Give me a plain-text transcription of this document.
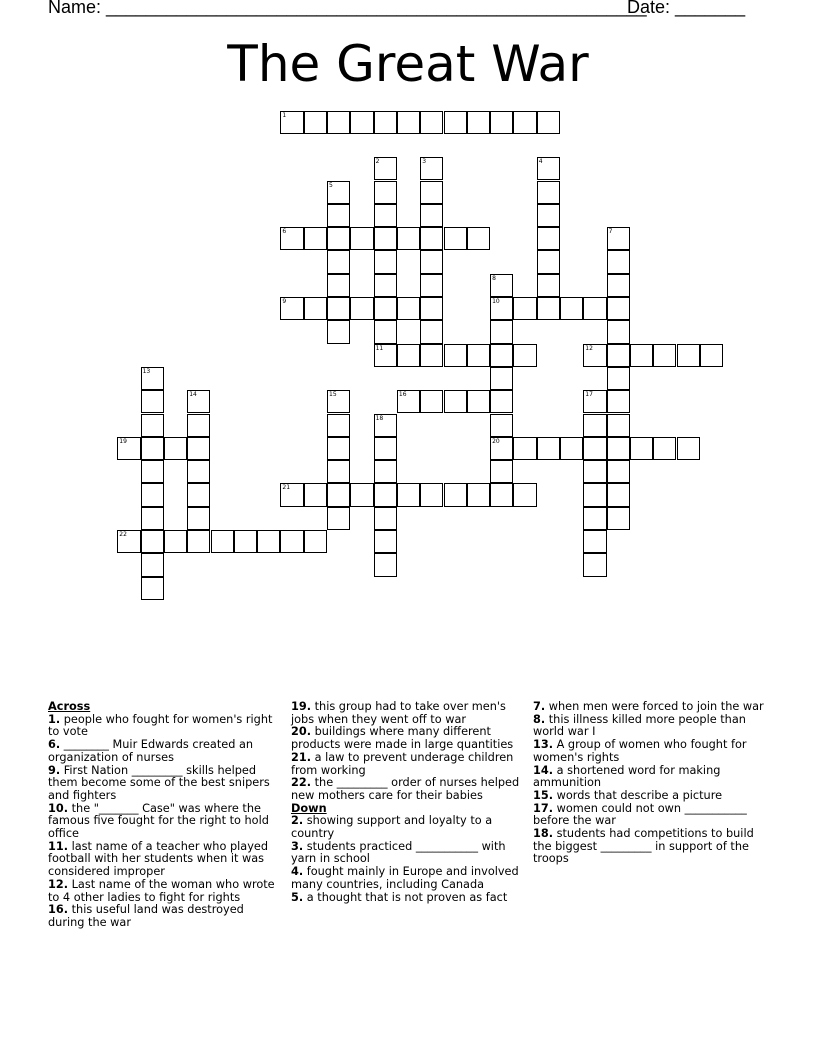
Name: ______________________________________________________
Date: _______
The Great War
1
2	3	4
5
6	7
8
9	10
11	12
13
14	15	16	17
18
19	20
21
22
Across
1. people who fought for women's right to vote
6. ________ Muir Edwards created an organization of nurses
9. First Nation _________ skills helped them become some of the best snipers and fighters
10. the "_______ Case" was where the famous five fought for the right to hold office
11. last name of a teacher who played football with her students when it was considered improper
12. Last name of the woman who wrote to 4 other ladies to fight for rights
16. this useful land was destroyed during the war
19. this group had to take over men's jobs when they went off to war
20. buildings where many different products were made in large quantities
21. a law to prevent underage children from working
22. the _________ order of nurses helped new mothers care for their babies
Down
2. showing support and loyalty to a country
3. students practiced ___________ with yarn in school
4. fought mainly in Europe and involved many countries, including Canada
5. a thought that is not proven as fact
7. when men were forced to join the war
8. this illness killed more people than world war I
13. A group of women who fought for women's rights
14. a shortened word for making ammunition
15. words that describe a picture
17. women could not own ___________ before the war
18. students had competitions to build the biggest _________ in support of the troops
